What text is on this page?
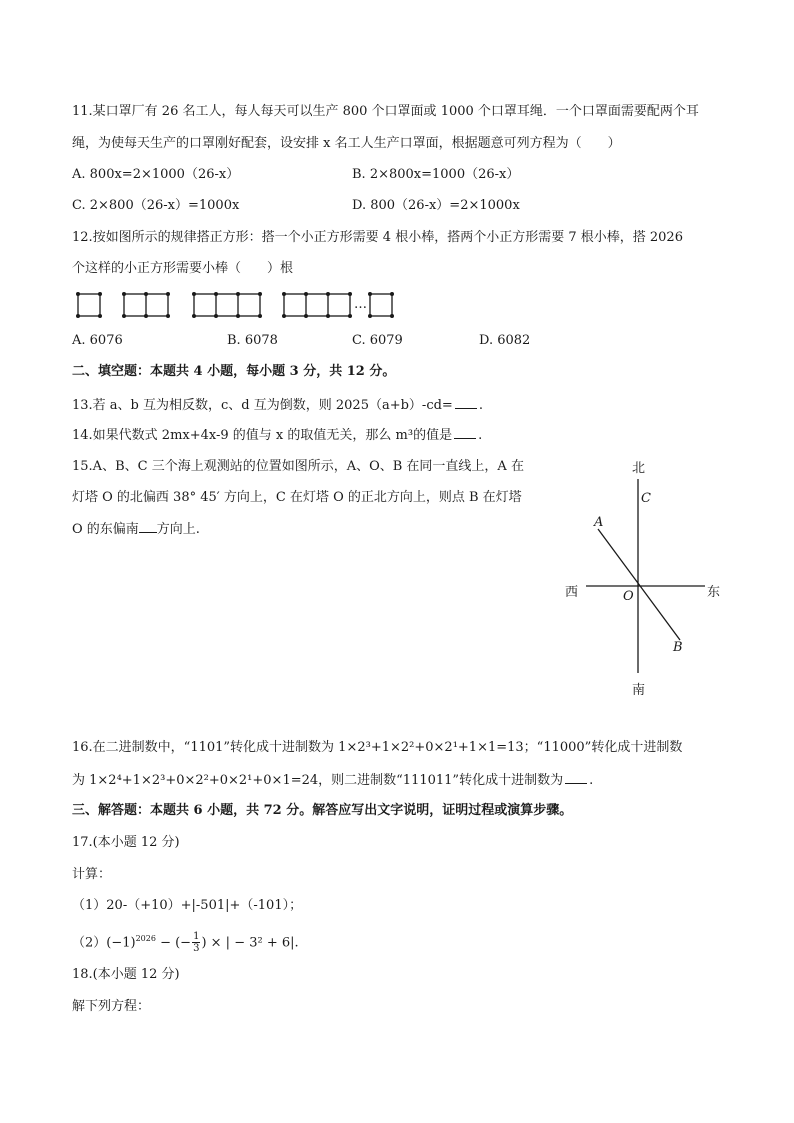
11.某口罩厂有 26 名工人，每人每天可以生产 800 个口罩面或 1000 个口罩耳绳．一个口罩面需要配两个耳
绳，为使每天生产的口罩刚好配套，设安排 x 名工人生产口罩面，根据题意可列方程为（　　）
A. 800x=2×1000（26-x）	B. 2×800x=1000（26-x）
C. 2×800（26-x）=1000x	D. 800（26-x）=2×1000x
12.按如图所示的规律搭正方形：搭一个小正方形需要 4 根小棒，搭两个小正方形需要 7 根小棒，搭 2026
个这样的小正方形需要小棒（　　）根
…
A. 6076	B. 6078	C. 6079	D. 6082
二、填空题：本题共 4 小题，每小题 3 分，共 12 分。
13.若 a、b 互为相反数，c、d 互为倒数，则 2025（a+b）-cd= .
14.如果代数式 2mx+4x-9 的值与 x 的取值无关，那么 m³的值是 .
15.A、B、C 三个海上观测站的位置如图所示，A、O、B 在同一直线上，A 在
灯塔 O 的北偏西 38° 45′ 方向上，C 在灯塔 O 的正北方向上，则点 B 在灯塔
O 的东偏南 方向上.
北
南
西	东
C
A
O
B
16.在二进制数中，“1101”转化成十进制数为 1×2³+1×2²+0×2¹+1×1=13；“11000”转化成十进制数
为 1×2⁴+1×2³+0×2²+0×2¹+0×1=24，则二进制数“111011”转化成十进制数为 .
三、解答题：本题共 6 小题，共 72 分。解答应写出文字说明，证明过程或演算步骤。
17.(本小题 12 分)
计算：
（1）20-（+10）+|-501|+（-101）；
$(2)(-1)^{2026}$ − (− $\frac{1}{3}$ ) × | − 3² + 6|.
18.(本小题 12 分)
解下列方程：
